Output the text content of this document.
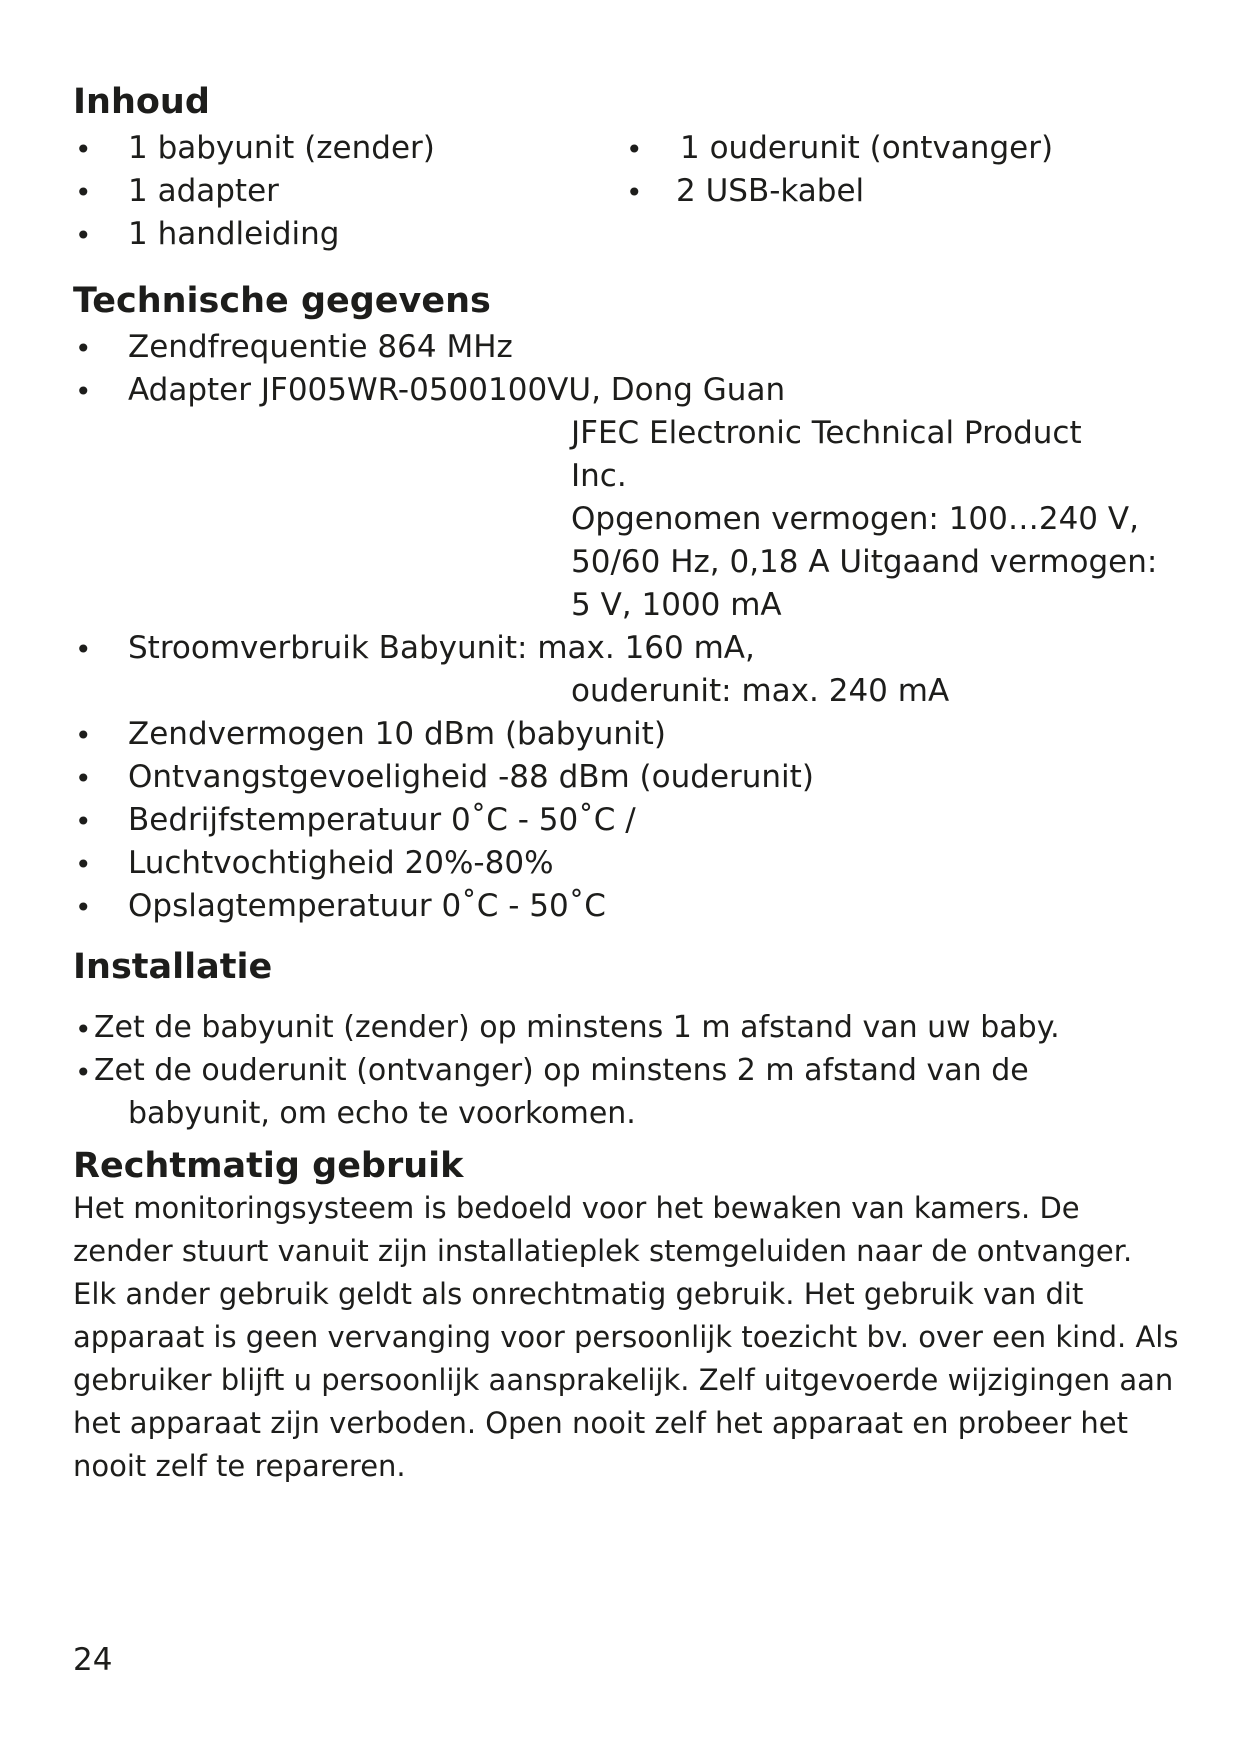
Inhoud
• 1 babyunit (zender)
• 1 adapter
• 1 handleiding
• 1 ouderunit (ontvanger)
• 2 USB-kabel
Technische gegevens
• Zendfrequentie 864 MHz
• Adapter JF005WR-0500100VU, Dong Guan
JFEC Electronic Technical Product
Inc.
Opgenomen vermogen: 100…240 V,
50/60 Hz, 0,18 A Uitgaand vermogen:
5 V, 1000 mA
• Stroomverbruik Babyunit: max. 160 mA,
ouderunit: max. 240 mA
• Zendvermogen 10 dBm (babyunit)
• Ontvangstgevoeligheid -88 dBm (ouderunit)
• Bedrijfstemperatuur 0˚C - 50˚C /
• Luchtvochtigheid 20%-80%
• Opslagtemperatuur 0˚C - 50˚C
Installatie
• Zet de babyunit (zender) op minstens 1 m afstand van uw baby.
• Zet de ouderunit (ontvanger) op minstens 2 m afstand van de
babyunit, om echo te voorkomen.
Rechtmatig gebruik

Het monitoringsysteem is bedoeld voor het bewaken van kamers. De zender stuurt vanuit zijn installatieplek stemgeluiden naar de ontvanger. Elk ander gebruik geldt als onrechtmatig gebruik. Het gebruik van dit apparaat is geen vervanging voor persoonlijk toezicht bv. over een kind. Als gebruiker blijft u persoonlijk aansprakelijk. Zelf uitgevoerde wijzigingen aan het apparaat zijn verboden. Open nooit zelf het apparaat en probeer het nooit zelf te repareren.

24
